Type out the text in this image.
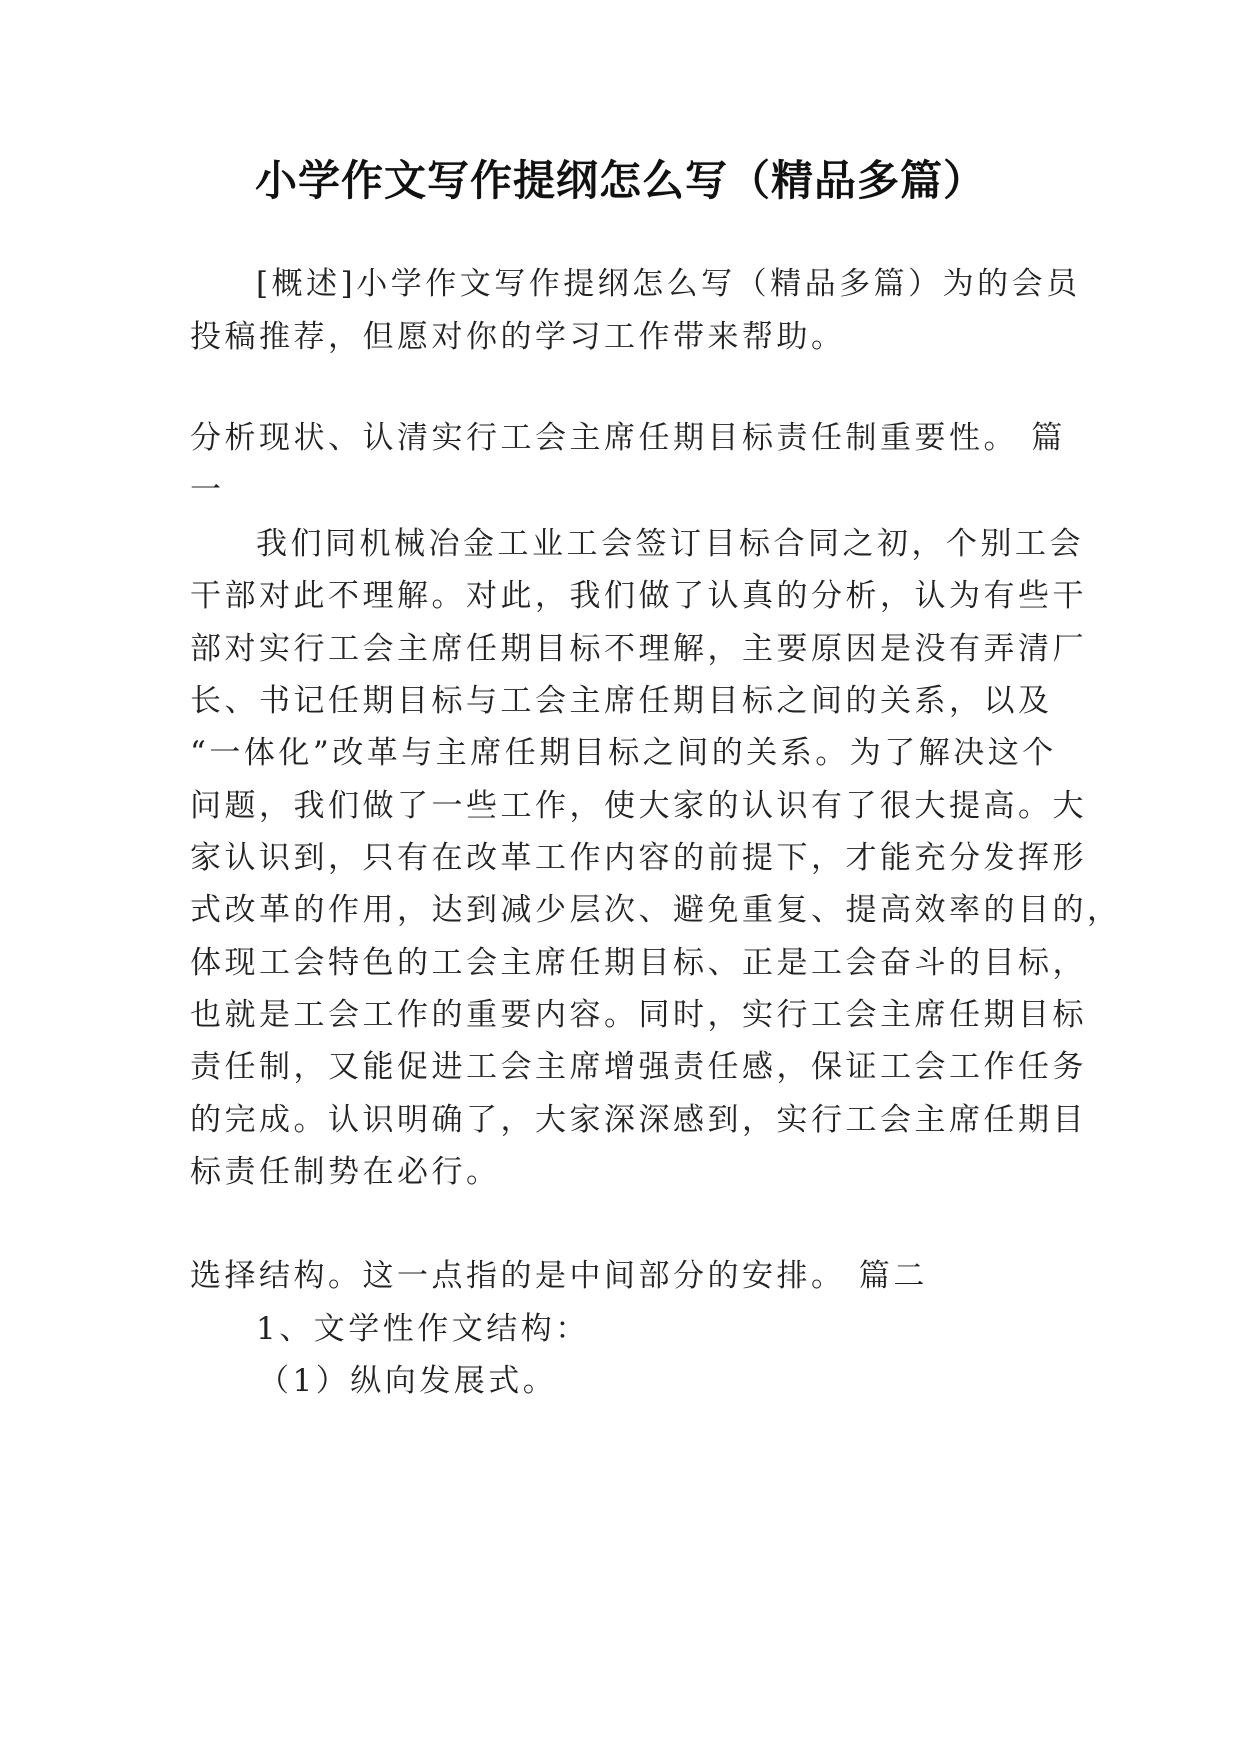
小学作文写作提纲怎么写（精品多篇）

[概述]小学作文写作提纲怎么写（精品多篇）为的会员

投稿推荐，但愿对你的学习工作带来帮助。

分析现状、认清实行工会主席任期目标责任制重要性。 篇

一

我们同机械冶金工业工会签订目标合同之初，个别工会

干部对此不理解。对此，我们做了认真的分析，认为有些干

部对实行工会主席任期目标不理解，主要原因是没有弄清厂

长、书记任期目标与工会主席任期目标之间的关系，以及

“一体化”改革与主席任期目标之间的关系。为了解决这个

问题，我们做了一些工作，使大家的认识有了很大提高。大

家认识到，只有在改革工作内容的前提下，才能充分发挥形

式改革的作用，达到减少层次、避免重复、提高效率的目的，

体现工会特色的工会主席任期目标、正是工会奋斗的目标，

也就是工会工作的重要内容。同时，实行工会主席任期目标

责任制，又能促进工会主席增强责任感，保证工会工作任务

的完成。认识明确了，大家深深感到，实行工会主席任期目

标责任制势在必行。

选择结构。这一点指的是中间部分的安排。 篇二

1、文学性作文结构：

（1）纵向发展式。
